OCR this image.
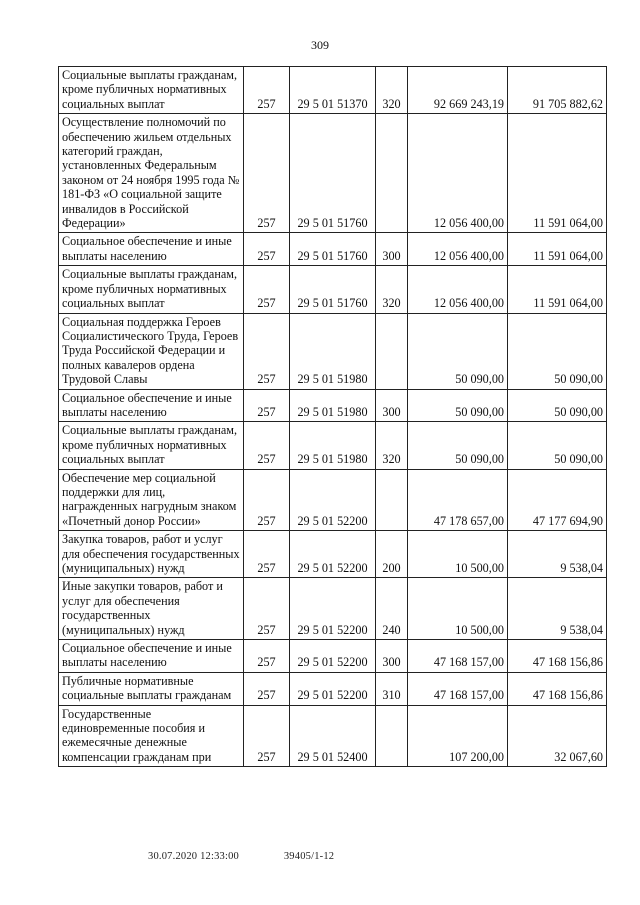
309
Социальные выплаты гражданам, кроме публичных нормативных социальных выплат	257	29 5 01 51370	320	92 669 243,19	91 705 882,62
Осуществление полномочий по обеспечению жильем отдельных категорий граждан, установленных Федеральным законом от 24 ноября 1995 года № 181-ФЗ «О социальной защите инвалидов в Российской Федерации»	257	29 5 01 51760		12 056 400,00	11 591 064,00
Социальное обеспечение и иные выплаты населению	257	29 5 01 51760	300	12 056 400,00	11 591 064,00
Социальные выплаты гражданам, кроме публичных нормативных социальных выплат	257	29 5 01 51760	320	12 056 400,00	11 591 064,00
Социальная поддержка Героев Социалистического Труда, Героев Труда Российской Федерации и полных кавалеров ордена Трудовой Славы	257	29 5 01 51980		50 090,00	50 090,00
Социальное обеспечение и иные выплаты населению	257	29 5 01 51980	300	50 090,00	50 090,00
Социальные выплаты гражданам, кроме публичных нормативных социальных выплат	257	29 5 01 51980	320	50 090,00	50 090,00
Обеспечение мер социальной поддержки для лиц, награжденных нагрудным знаком «Почетный донор России»	257	29 5 01 52200		47 178 657,00	47 177 694,90
Закупка товаров, работ и услуг для обеспечения государственных (муниципальных) нужд	257	29 5 01 52200	200	10 500,00	9 538,04
Иные закупки товаров, работ и услуг для обеспечения государственных (муниципальных) нужд	257	29 5 01 52200	240	10 500,00	9 538,04
Социальное обеспечение и иные выплаты населению	257	29 5 01 52200	300	47 168 157,00	47 168 156,86
Публичные нормативные социальные выплаты гражданам	257	29 5 01 52200	310	47 168 157,00	47 168 156,86
Государственные единовременные пособия и ежемесячные денежные компенсации гражданам при	257	29 5 01 52400		107 200,00	32 067,60
30.07.2020 12:33:00	39405/1-12
